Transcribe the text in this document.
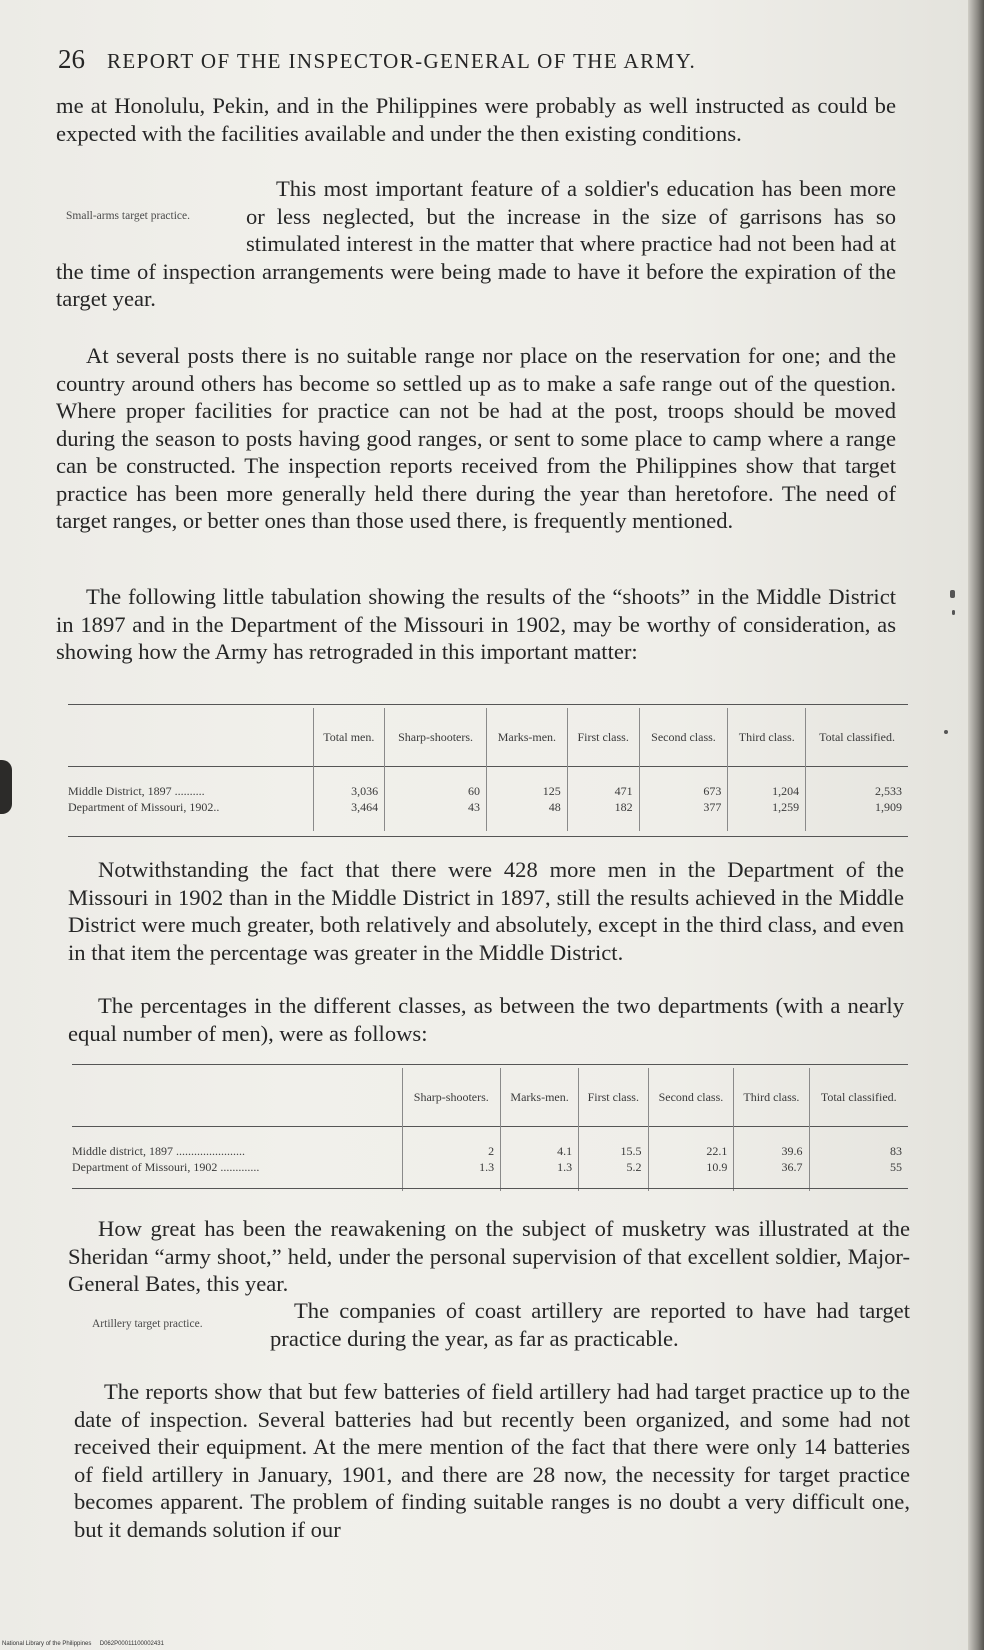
26 REPORT OF THE INSPECTOR-GENERAL OF THE ARMY.

me at Honolulu, Pekin, and in the Philippines were probably as well instructed as could be expected with the facilities available and under the then existing conditions.

Small-arms target practice.

This most important feature of a soldier's education has been more or less neglected, but the increase in the size of garrisons has so stimulated interest in the matter that where practice had not been had at the time of inspection arrangements were being made to have it before the expiration of the target year.

At several posts there is no suitable range nor place on the reservation for one; and the country around others has become so settled up as to make a safe range out of the question. Where proper facilities for practice can not be had at the post, troops should be moved during the season to posts having good ranges, or sent to some place to camp where a range can be constructed. The inspection reports received from the Philippines show that target practice has been more generally held there during the year than heretofore. The need of target ranges, or better ones than those used there, is frequently mentioned.

The following little tabulation showing the results of the “shoots” in the Middle District in 1897 and in the Department of the Missouri in 1902, may be worthy of consideration, as showing how the Army has retrograded in this important matter:

	Total men.	Sharp-shooters.	Marks-men.	First class.	Second class.	Third class.	Total classified.

Middle District, 1897 ..........	3,036	60	125	471	673	1,204	2,533
Department of Missouri, 1902..	3,464	43	48	182	377	1,259	1,909

Notwithstanding the fact that there were 428 more men in the Department of the Missouri in 1902 than in the Middle District in 1897, still the results achieved in the Middle District were much greater, both relatively and absolutely, except in the third class, and even in that item the percentage was greater in the Middle District.

The percentages in the different classes, as between the two departments (with a nearly equal number of men), were as follows:

	Sharp-shooters.	Marks-men.	First class.	Second class.	Third class.	Total classified.

Middle district, 1897 .......................	2	4.1	15.5	22.1	39.6	83
Department of Missouri, 1902 .............	1.3	1.3	5.2	10.9	36.7	55

How great has been the reawakening on the subject of musketry was illustrated at the Sheridan “army shoot,” held, under the personal supervision of that excellent soldier, Major-General Bates, this year.

Artillery target practice.

The companies of coast artillery are reported to have had target practice during the year, as far as practicable.

The reports show that but few batteries of field artillery had had target practice up to the date of inspection. Several batteries had but recently been organized, and some had not received their equipment. At the mere mention of the fact that there were only 14 batteries of field artillery in January, 1901, and there are 28 now, the necessity for target practice becomes apparent. The problem of finding suitable ranges is no doubt a very difficult one, but it demands solution if our

National Library of the Philippines D062P00011100002431
